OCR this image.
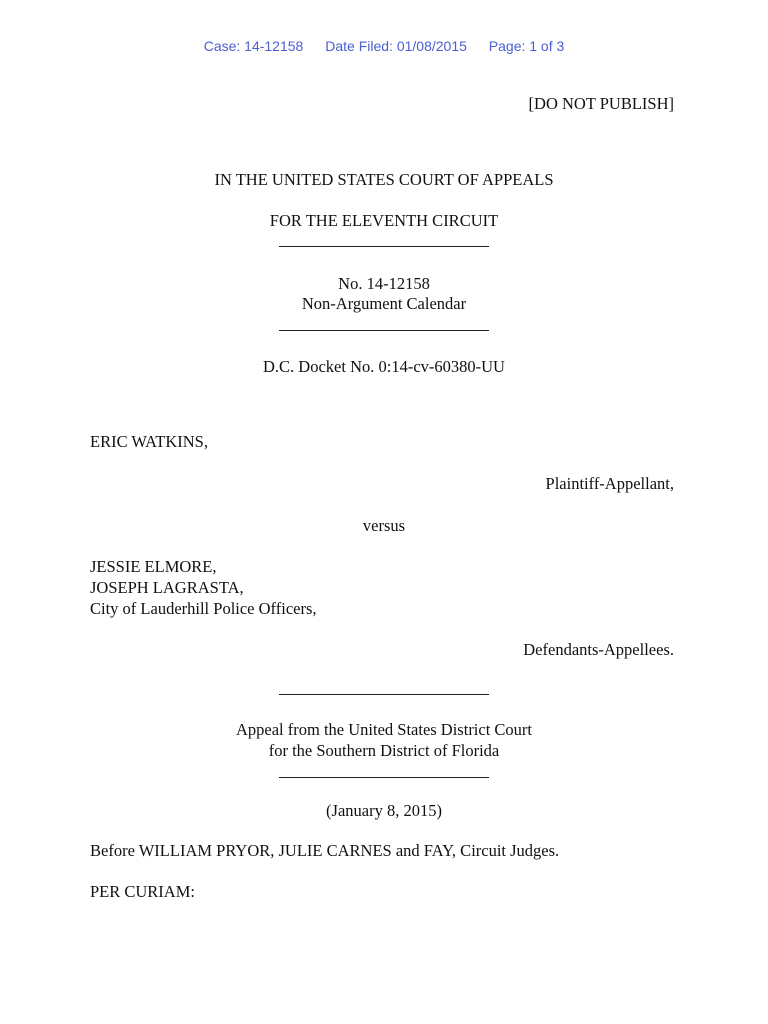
Case: 14-12158 Date Filed: 01/08/2015 Page: 1 of 3
[DO NOT PUBLISH]
IN THE UNITED STATES COURT OF APPEALS
FOR THE ELEVENTH CIRCUIT
No. 14-12158
Non-Argument Calendar
D.C. Docket No. 0:14-cv-60380-UU
ERIC WATKINS,
Plaintiff-Appellant,
versus
JESSIE ELMORE,
JOSEPH LAGRASTA,
City of Lauderhill Police Officers,
Defendants-Appellees.
Appeal from the United States District Court
for the Southern District of Florida
(January 8, 2015)
Before WILLIAM PRYOR, JULIE CARNES and FAY, Circuit Judges.
PER CURIAM:
